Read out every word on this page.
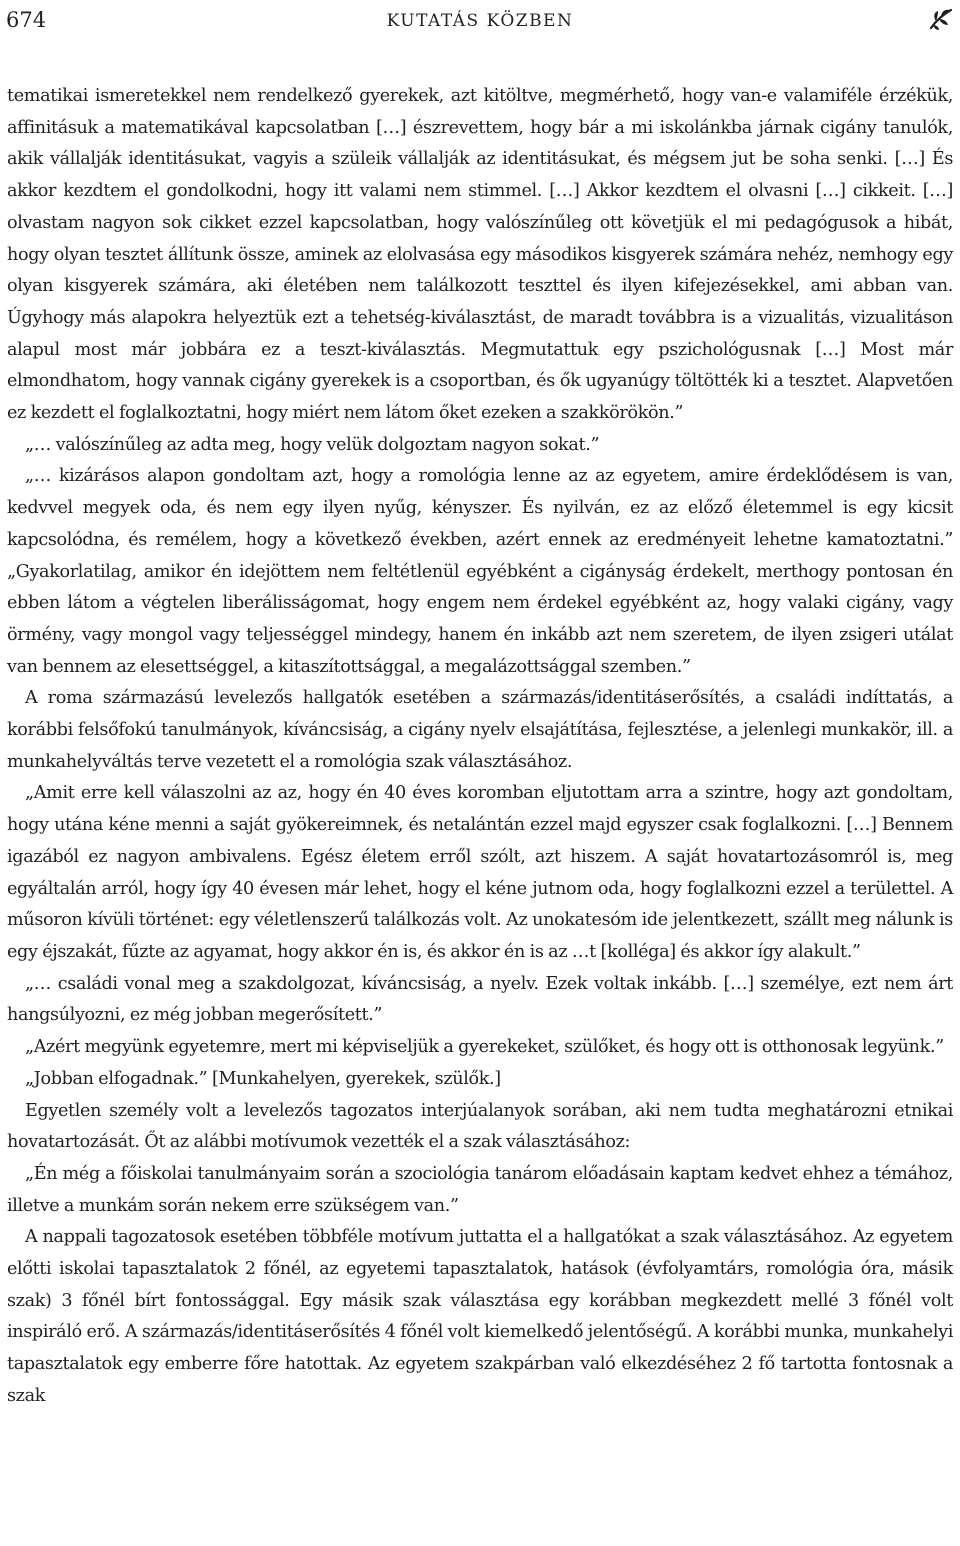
674	KUTATÁS KÖZBEN

tematikai ismeretekkel nem rendelkező gyerekek, azt kitöltve, megmérhető, hogy van-e valamiféle érzékük, affinitásuk a matematikával kapcsolatban […] észrevettem, hogy bár a mi iskolánkba járnak cigány tanulók, akik vállalják identitásukat, vagyis a szüleik vállalják az identitásukat, és mégsem jut be soha senki. […] És akkor kezdtem el gondolkodni, hogy itt valami nem stimmel. […] Akkor kezdtem el olvasni […] cikkeit. […] olvastam nagyon sok cikket ezzel kapcsolatban, hogy valószínűleg ott követjük el mi pedagógusok a hibát, hogy olyan tesztet állítunk össze, aminek az elolvasása egy másodikos kisgyerek számára nehéz, nemhogy egy olyan kisgyerek számára, aki életében nem találkozott teszttel és ilyen kifejezésekkel, ami abban van. Úgyhogy más alapokra helyeztük ezt a tehetség-kiválasztást, de maradt továbbra is a vizualitás, vizualitáson alapul most már jobbára ez a teszt-kiválasztás. Megmutattuk egy pszichológusnak […] Most már elmondhatom, hogy vannak cigány gyerekek is a csoportban, és ők ugyanúgy töltötték ki a tesztet. Alapvetően ez kezdett el foglalkoztatni, hogy miért nem látom őket ezeken a szakkörökön.”

„… valószínűleg az adta meg, hogy velük dolgoztam nagyon sokat.”

„… kizárásos alapon gondoltam azt, hogy a romológia lenne az az egyetem, amire érdeklődésem is van, kedvvel megyek oda, és nem egy ilyen nyűg, kényszer. És nyilván, ez az előző életemmel is egy kicsit kapcsolódna, és remélem, hogy a következő években, azért ennek az eredményeit lehetne kamatoztatni.” „Gyakorlatilag, amikor én idejöttem nem feltétlenül egyébként a cigányság érdekelt, merthogy pontosan én ebben látom a végtelen liberálisságomat, hogy engem nem érdekel egyébként az, hogy valaki cigány, vagy örmény, vagy mongol vagy teljességgel mindegy, hanem én inkább azt nem szeretem, de ilyen zsigeri utálat van bennem az elesettséggel, a kitaszítottsággal, a megalázottsággal szemben.”

A roma származású levelezős hallgatók esetében a származás/identitáserősítés, a családi indíttatás, a korábbi felsőfokú tanulmányok, kíváncsiság, a cigány nyelv elsajátítása, fejlesztése, a jelenlegi munkakör, ill. a munkahelyváltás terve vezetett el a romológia szak választásához.

„Amit erre kell válaszolni az az, hogy én 40 éves koromban eljutottam arra a szintre, hogy azt gondoltam, hogy utána kéne menni a saját gyökereimnek, és netalántán ezzel majd egyszer csak foglalkozni. […] Bennem igazából ez nagyon ambivalens. Egész életem erről szólt, azt hiszem. A saját hovatartozásomról is, meg egyáltalán arról, hogy így 40 évesen már lehet, hogy el kéne jutnom oda, hogy foglalkozni ezzel a területtel. A műsoron kívüli történet: egy véletlenszerű találkozás volt. Az unokatesóm ide jelentkezett, szállt meg nálunk is egy éjszakát, fűzte az agyamat, hogy akkor én is, és akkor én is az …t [kolléga] és akkor így alakult.”

„… családi vonal meg a szakdolgozat, kíváncsiság, a nyelv. Ezek voltak inkább. […] személye, ezt nem árt hangsúlyozni, ez még jobban megerősített.”

„Azért megyünk egyetemre, mert mi képviseljük a gyerekeket, szülőket, és hogy ott is otthonosak legyünk.”

„Jobban elfogadnak.” [Munkahelyen, gyerekek, szülők.]

Egyetlen személy volt a levelezős tagozatos interjúalanyok sorában, aki nem tudta meghatározni etnikai hovatartozását. Őt az alábbi motívumok vezették el a szak választásához:

„Én még a főiskolai tanulmányaim során a szociológia tanárom előadásain kaptam kedvet ehhez a témához, illetve a munkám során nekem erre szükségem van.”

A nappali tagozatosok esetében többféle motívum juttatta el a hallgatókat a szak választásához. Az egyetem előtti iskolai tapasztalatok 2 főnél, az egyetemi tapasztalatok, hatások (évfolyamtárs, romológia óra, másik szak) 3 főnél bírt fontossággal. Egy másik szak választása egy korábban megkezdett mellé 3 főnél volt inspiráló erő. A származás/identitáserősítés 4 főnél volt kiemelkedő jelentőségű. A korábbi munka, munkahelyi tapasztalatok egy emberre főre hatottak. Az egyetem szakpárban való elkezdéséhez 2 fő tartotta fontosnak a szak
